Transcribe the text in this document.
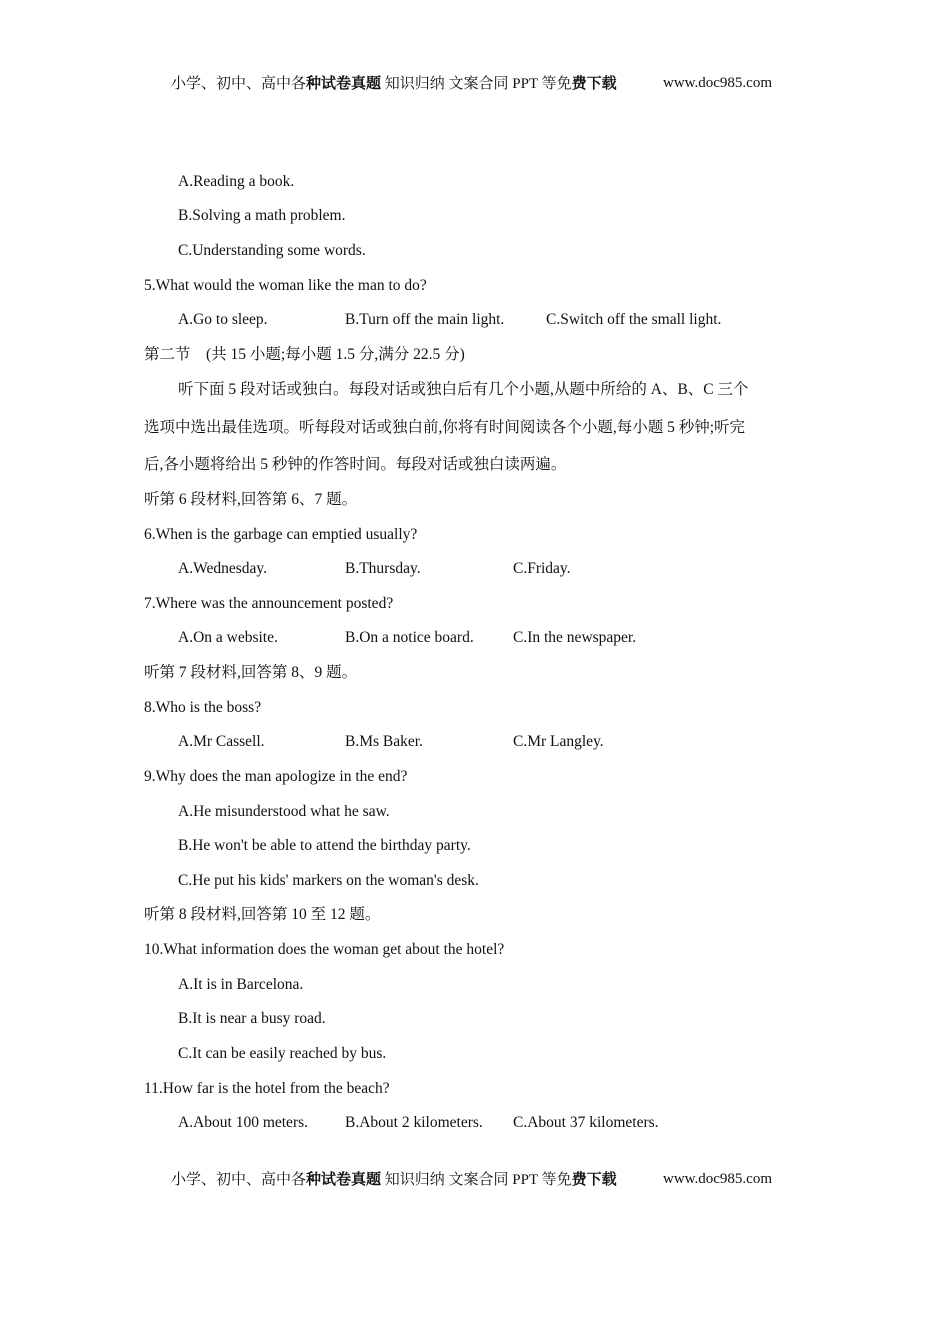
小学、初中、高中各种试卷真题 知识归纳 文案合同 PPT 等免费下载	www.doc985.com
A.Reading a book.
B.Solving a math problem.
C.Understanding some words.
5.What would the woman like the man to do?
A.Go to sleep.	B.Turn off the main light.	C.Switch off the small light.
第二节　(共 15 小题;每小题 1.5 分,满分 22.5 分)
听下面 5 段对话或独白。每段对话或独白后有几个小题,从题中所给的 A、B、C 三个
选项中选出最佳选项。听每段对话或独白前,你将有时间阅读各个小题,每小题 5 秒钟;听完
后,各小题将给出 5 秒钟的作答时间。每段对话或独白读两遍。
听第 6 段材料,回答第 6、7 题。
6.When is the garbage can emptied usually?
A.Wednesday.	B.Thursday.	C.Friday.
7.Where was the announcement posted?
A.On a website.	B.On a notice board.	C.In the newspaper.
听第 7 段材料,回答第 8、9 题。
8.Who is the boss?
A.Mr Cassell.	B.Ms Baker.	C.Mr Langley.
9.Why does the man apologize in the end?
A.He misunderstood what he saw.
B.He won't be able to attend the birthday party.
C.He put his kids' markers on the woman's desk.
听第 8 段材料,回答第 10 至 12 题。
10.What information does the woman get about the hotel?
A.It is in Barcelona.
B.It is near a busy road.
C.It can be easily reached by bus.
11.How far is the hotel from the beach?
A.About 100 meters. B.About 2 kilometers. C.About 37 kilometers.
小学、初中、高中各种试卷真题 知识归纳 文案合同 PPT 等免费下载	www.doc985.com
